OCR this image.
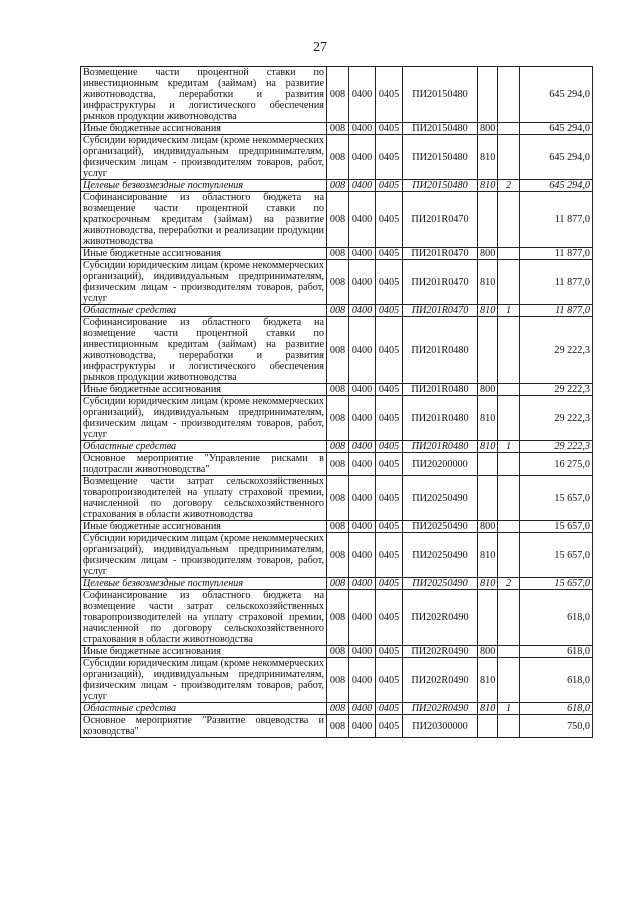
27
Возмещение части процентной ставки по инвестиционным кредитам (займам) на развитие животноводства, переработки и развития инфраструктуры и логистического обеспечения рынков продукции животноводства	008	0400	0405	ПИ20150480			645 294,0
Иные бюджетные ассигнования	008	0400	0405	ПИ20150480	800		645 294,0
Субсидии юридическим лицам (кроме некоммерческих организаций), индивидуальным предпринимателям, физическим лицам - производителям товаров, работ, услуг	008	0400	0405	ПИ20150480	810		645 294,0
Целевые безвозмездные поступления	008	0400	0405	ПИ20150480	810	2	645 294,0
Софинансирование из областного бюджета на возмещение части процентной ставки по краткосрочным кредитам (займам) на развитие животноводства, переработки и реализации продукции животноводства	008	0400	0405	ПИ201R0470			11 877,0
Иные бюджетные ассигнования	008	0400	0405	ПИ201R0470	800		11 877,0
Субсидии юридическим лицам (кроме некоммерческих организаций), индивидуальным предпринимателям, физическим лицам - производителям товаров, работ, услуг	008	0400	0405	ПИ201R0470	810		11 877,0
Областные средства	008	0400	0405	ПИ201R0470	810	1	11 877,0
Софинансирование из областного бюджета на возмещение части процентной ставки по инвестиционным кредитам (займам) на развитие животноводства, переработки и развития инфраструктуры и логистического обеспечения рынков продукции животноводства	008	0400	0405	ПИ201R0480			29 222,3
Иные бюджетные ассигнования	008	0400	0405	ПИ201R0480	800		29 222,3
Субсидии юридическим лицам (кроме некоммерческих организаций), индивидуальным предпринимателям, физическим лицам - производителям товаров, работ, услуг	008	0400	0405	ПИ201R0480	810		29 222,3
Областные средства	008	0400	0405	ПИ201R0480	810	1	29 222,3
Основное мероприятие "Управление рисками в подотрасли животноводства"	008	0400	0405	ПИ20200000			16 275,0
Возмещение части затрат сельскохозяйственных товаропроизводителей на уплату страховой премии, начисленной по договору сельскохозяйственного страхования в области животноводства	008	0400	0405	ПИ20250490			15 657,0
Иные бюджетные ассигнования	008	0400	0405	ПИ20250490	800		15 657,0
Субсидии юридическим лицам (кроме некоммерческих организаций), индивидуальным предпринимателям, физическим лицам - производителям товаров, работ, услуг	008	0400	0405	ПИ20250490	810		15 657,0
Целевые безвозмездные поступления	008	0400	0405	ПИ20250490	810	2	15 657,0
Софинансирование из областного бюджета на возмещение части затрат сельскохозяйственных товаропроизводителей на уплату страховой премии, начисленной по договору сельскохозяйственного страхования в области животноводства	008	0400	0405	ПИ202R0490			618,0
Иные бюджетные ассигнования	008	0400	0405	ПИ202R0490	800		618,0
Субсидии юридическим лицам (кроме некоммерческих организаций), индивидуальным предпринимателям, физическим лицам - производителям товаров, работ, услуг	008	0400	0405	ПИ202R0490	810		618,0
Областные средства	008	0400	0405	ПИ202R0490	810	1	618,0
Основное мероприятие "Развитие овцеводства и козоводства"	008	0400	0405	ПИ20300000			750,0
